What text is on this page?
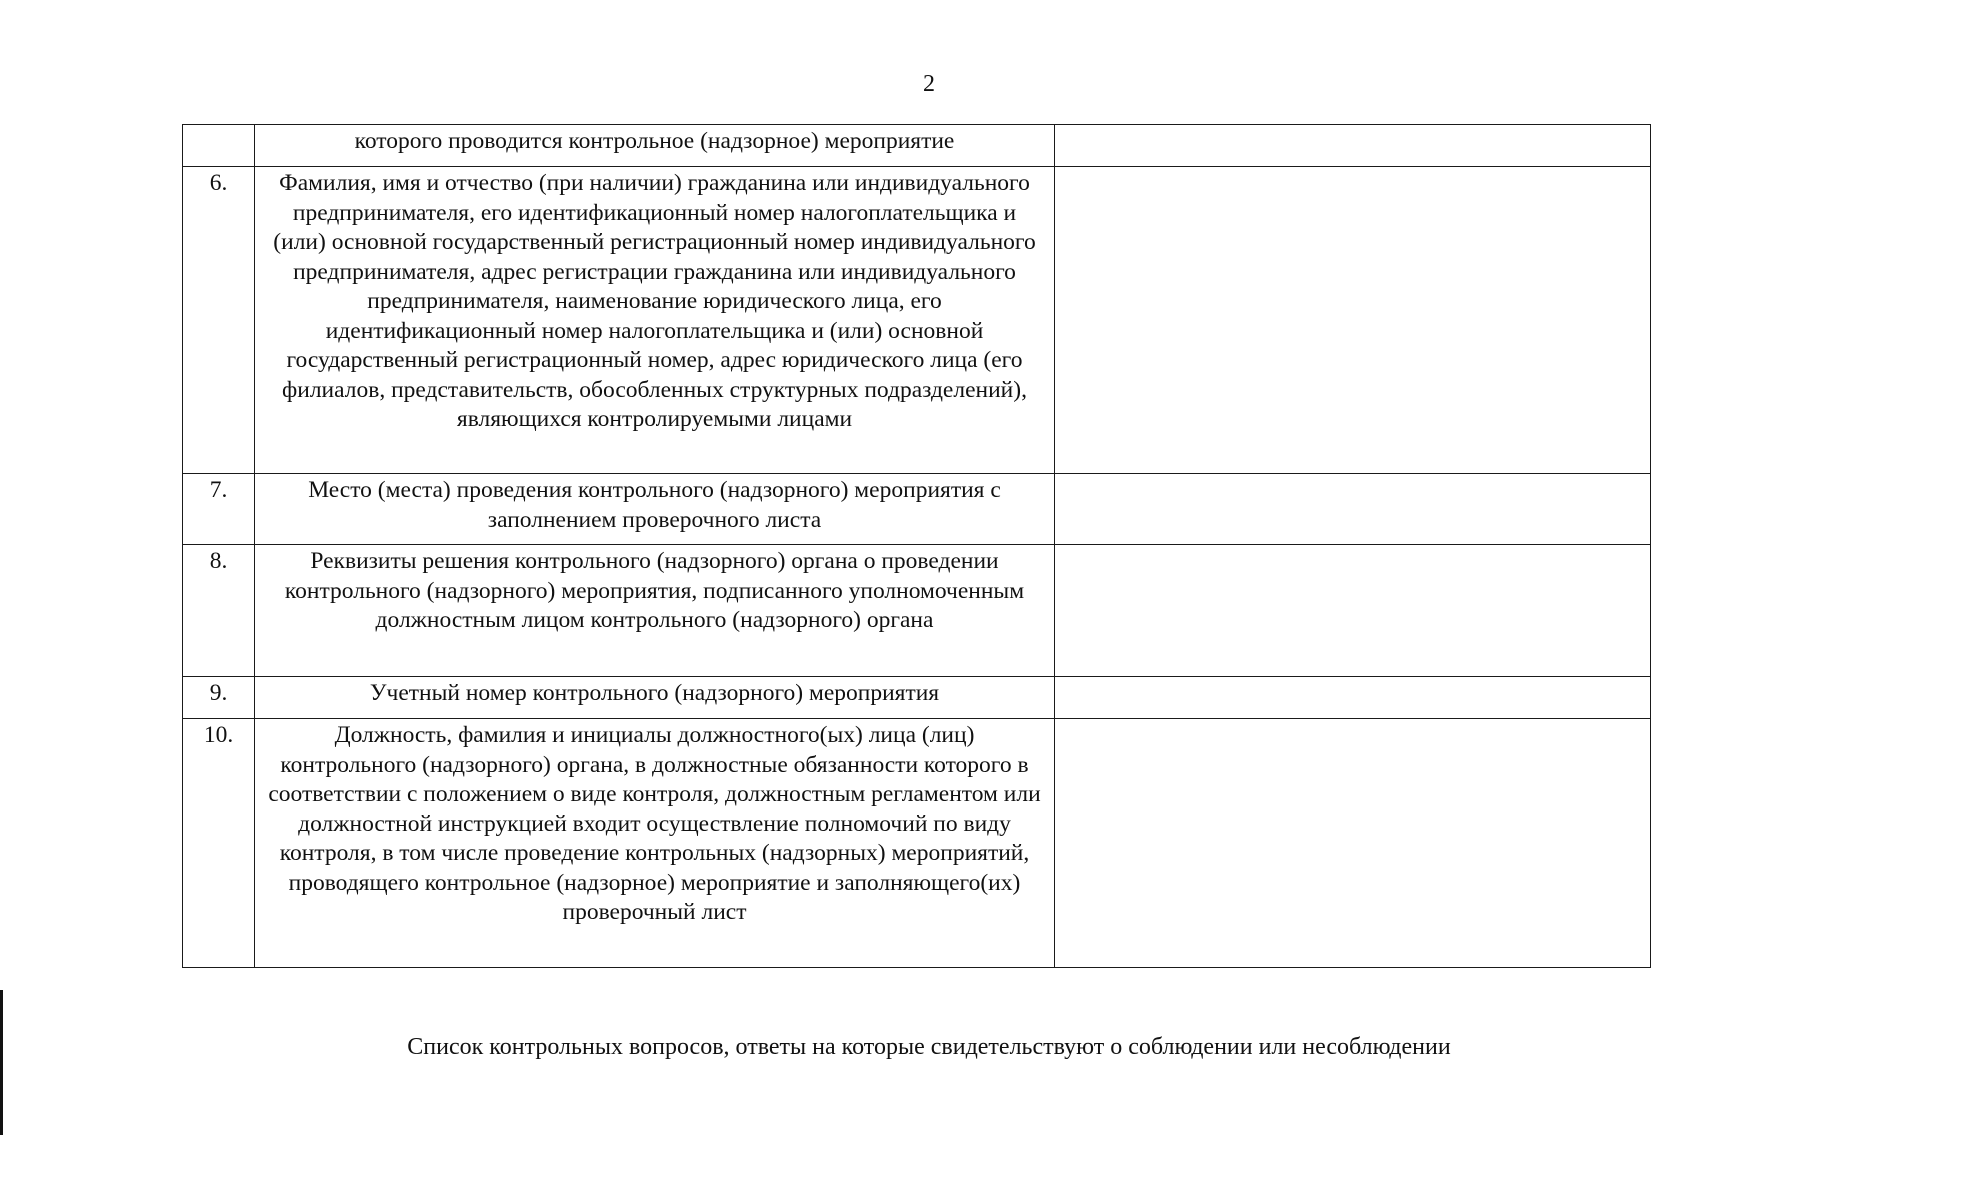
2
	которого проводится контрольное (надзорное) мероприятие	
6.	Фамилия, имя и отчество (при наличии) гражданина или индивидуального предпринимателя, его идентификационный номер налогоплательщика и (или) основной государственный регистрационный номер индивидуального предпринимателя, адрес регистрации гражданина или индивидуального предпринимателя, наименование юридического лица, его идентификационный номер налогоплательщика и (или) основной государственный регистрационный номер, адрес юридического лица (его филиалов, представительств, обособленных структурных подразделений), являющихся контролируемыми лицами	
7.	Место (места) проведения контрольного (надзорного) мероприятия с заполнением проверочного листа	
8.	Реквизиты решения контрольного (надзорного) органа о проведении контрольного (надзорного) мероприятия, подписанного уполномоченным должностным лицом контрольного (надзорного) органа	
9.	Учетный номер контрольного (надзорного) мероприятия	
10.	Должность, фамилия и инициалы должностного(ых) лица (лиц) контрольного (надзорного) органа, в должностные обязанности которого в соответствии с положением о виде контроля, должностным регламентом или должностной инструкцией входит осуществление полномочий по виду контроля, в том числе проведение контрольных (надзорных) мероприятий, проводящего контрольное (надзорное) мероприятие и заполняющего(их) проверочный лист	
Список контрольных вопросов, ответы на которые свидетельствуют о соблюдении или несоблюдении
